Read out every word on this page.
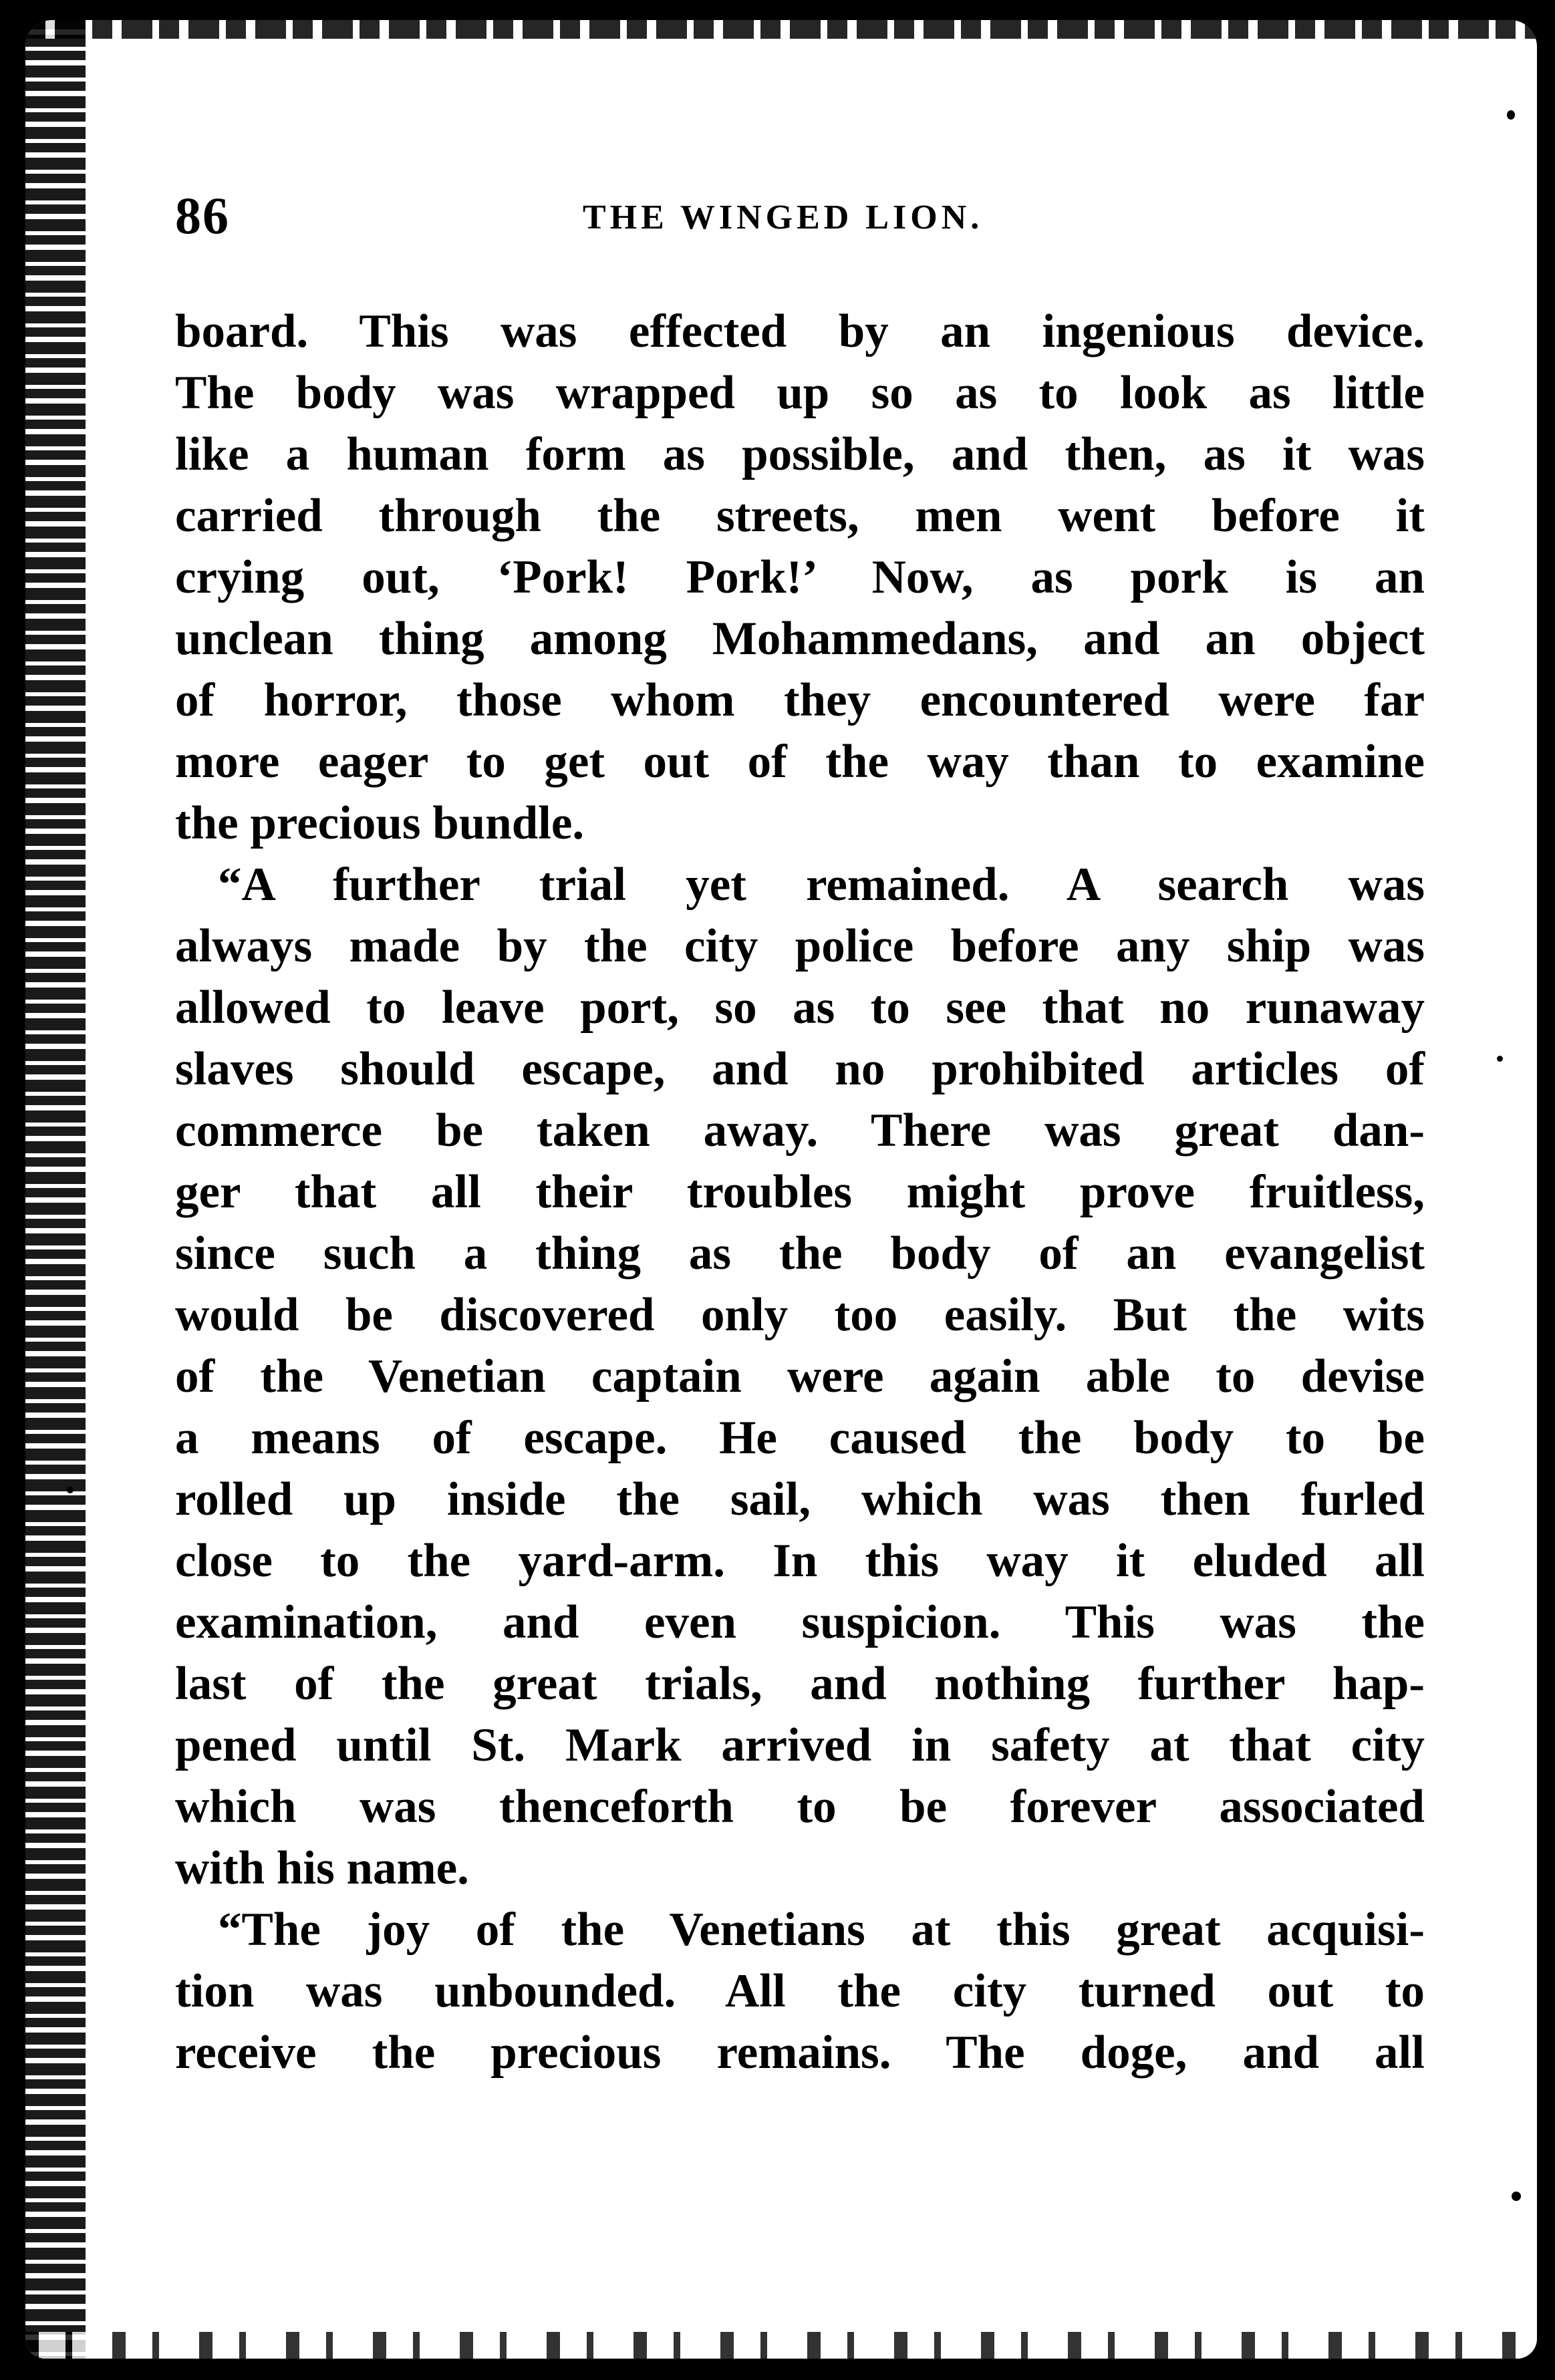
86	THE WINGED LION.
board. This was effected by an ingenious device.
The body was wrapped up so as to look as little
like a human form as possible, and then, as it was
carried through the streets, men went before it
crying out, ‘Pork! Pork!’ Now, as pork is an
unclean thing among Mohammedans, and an object
of horror, those whom they encountered were far
more eager to get out of the way than to examine
the precious bundle.
“A further trial yet remained. A search was
always made by the city police before any ship was
allowed to leave port, so as to see that no runaway
slaves should escape, and no prohibited articles of
commerce be taken away. There was great dan-
ger that all their troubles might prove fruitless,
since such a thing as the body of an evangelist
would be discovered only too easily. But the wits
of the Venetian captain were again able to devise
a means of escape. He caused the body to be
rolled up inside the sail, which was then furled
close to the yard-arm. In this way it eluded all
examination, and even suspicion. This was the
last of the great trials, and nothing further hap-
pened until St. Mark arrived in safety at that city
which was thenceforth to be forever associated
with his name.
“The joy of the Venetians at this great acquisi-
tion was unbounded. All the city turned out to
receive the precious remains. The doge, and all
